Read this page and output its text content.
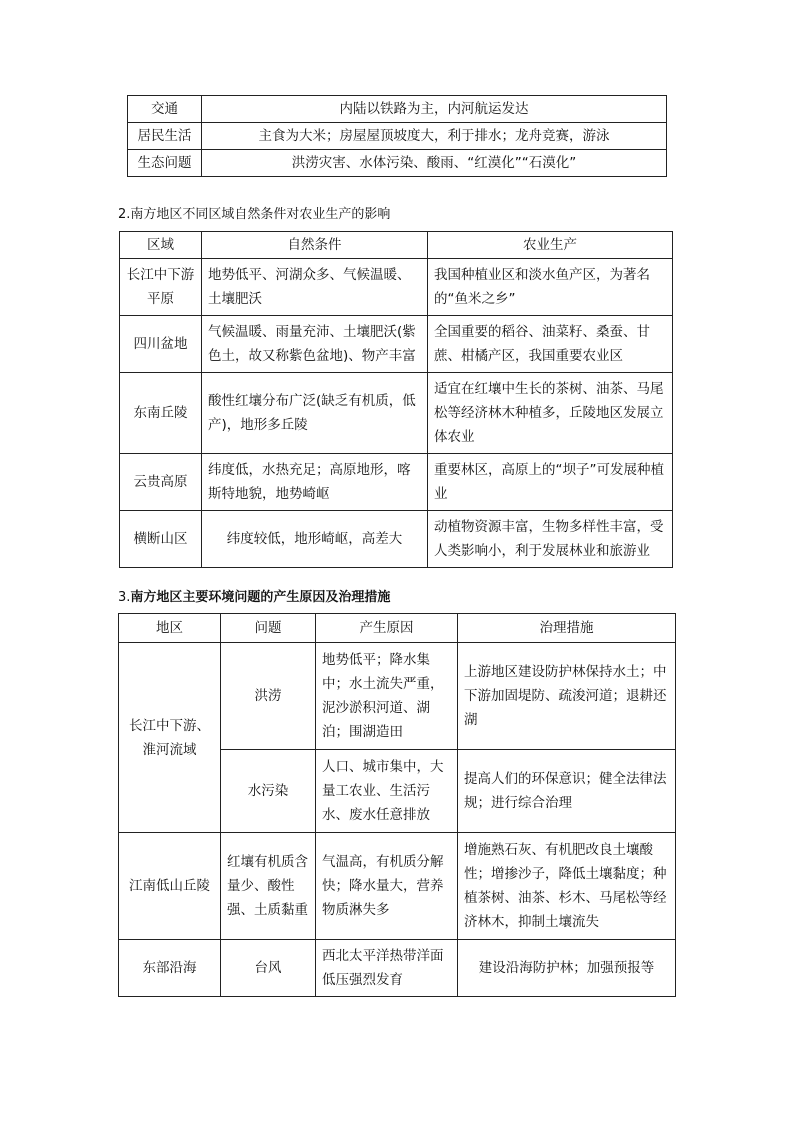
交通	内陆以铁路为主，内河航运发达
居民生活	主食为大米；房屋屋顶坡度大，利于排水；龙舟竞赛，游泳
生态问题	洪涝灾害、水体污染、酸雨、“红漠化”“石漠化”
2.南方地区不同区域自然条件对农业生产的影响
区域	自然条件	农业生产
长江中下游平原	地势低平、河湖众多、气候温暖、土壤肥沃	我国种植业区和淡水鱼产区，为著名的“鱼米之乡”
四川盆地	气候温暖、雨量充沛、土壤肥沃(紫色土，故又称紫色盆地)、物产丰富	全国重要的稻谷、油菜籽、桑蚕、甘蔗、柑橘产区，我国重要农业区
东南丘陵	酸性红壤分布广泛(缺乏有机质，低产)，地形多丘陵	适宜在红壤中生长的茶树、油茶、马尾松等经济林木种植多，丘陵地区发展立体农业
云贵高原	纬度低，水热充足；高原地形，喀斯特地貌，地势崎岖	重要林区，高原上的“坝子”可发展种植业
横断山区	纬度较低，地形崎岖，高差大	动植物资源丰富，生物多样性丰富，受人类影响小，利于发展林业和旅游业
3.南方地区主要环境问题的产生原因及治理措施
地区	问题	产生原因	治理措施
长江中下游、淮河流域	洪涝	地势低平；降水集中；水土流失严重，泥沙淤积河道、湖泊；围湖造田	上游地区建设防护林保持水土；中下游加固堤防、疏浚河道；退耕还湖
	水污染	人口、城市集中，大量工农业、生活污水、废水任意排放	提高人们的环保意识；健全法律法规；进行综合治理
江南低山丘陵	红壤有机质含量少、酸性强、土质黏重	气温高，有机质分解快；降水量大，营养物质淋失多	增施熟石灰、有机肥改良土壤酸性；增掺沙子，降低土壤黏度；种植茶树、油茶、杉木、马尾松等经济林木，抑制土壤流失
东部沿海	台风	西北太平洋热带洋面低压强烈发育	建设沿海防护林；加强预报等
